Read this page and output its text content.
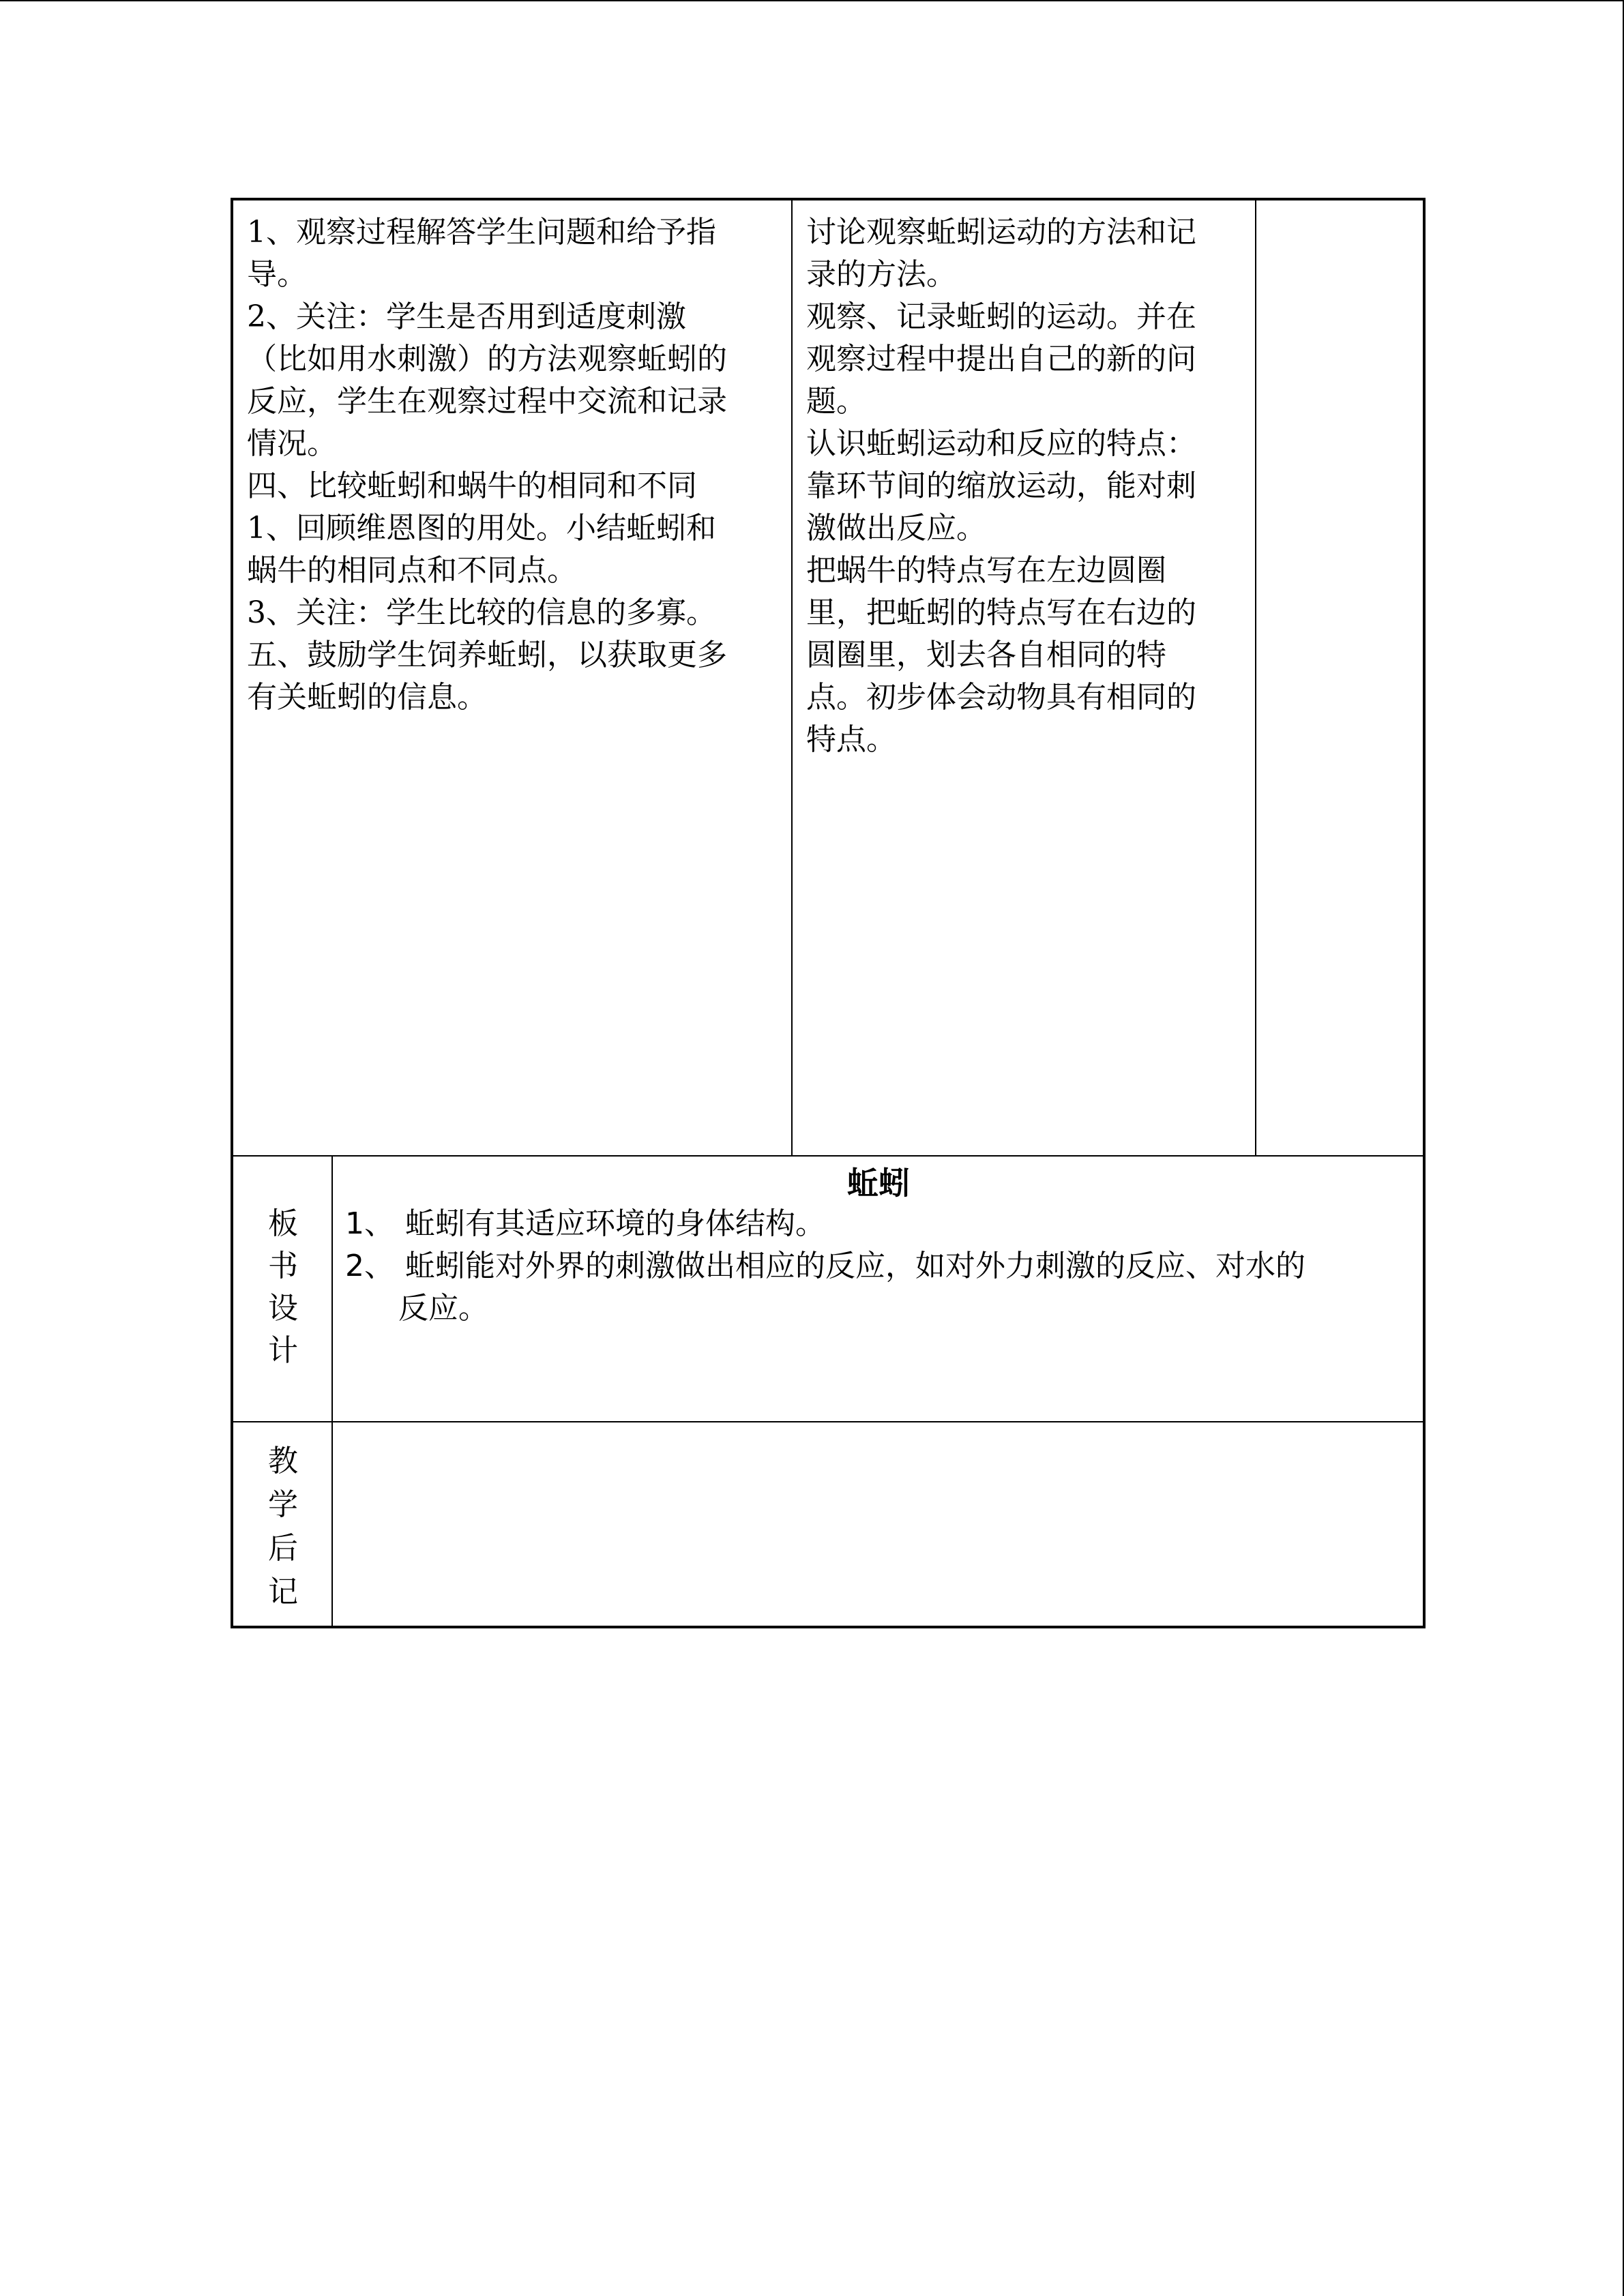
1、观察过程解答学生问题和给予指

导。

2、关注：学生是否用到适度刺激

（比如用水刺激）的方法观察蚯蚓的

反应，学生在观察过程中交流和记录

情况。

四、比较蚯蚓和蜗牛的相同和不同

1、回顾维恩图的用处。小结蚯蚓和

蜗牛的相同点和不同点。

3、关注：学生比较的信息的多寡。

五、鼓励学生饲养蚯蚓，以获取更多

有关蚯蚓的信息。

讨论观察蚯蚓运动的方法和记

录的方法。

观察、记录蚯蚓的运动。并在

观察过程中提出自己的新的问

题。

认识蚯蚓运动和反应的特点：

靠环节间的缩放运动，能对刺

激做出反应。

把蜗牛的特点写在左边圆圈

里，把蚯蚓的特点写在右边的

圆圈里，划去各自相同的特

点。初步体会动物具有相同的

特点。

板
书
设
计
蚯蚓
1、 蚯蚓有其适应环境的身体结构。
2、 蚯蚓能对外界的刺激做出相应的反应，如对外力刺激的反应、对水的
反应。
教
学
后
记
